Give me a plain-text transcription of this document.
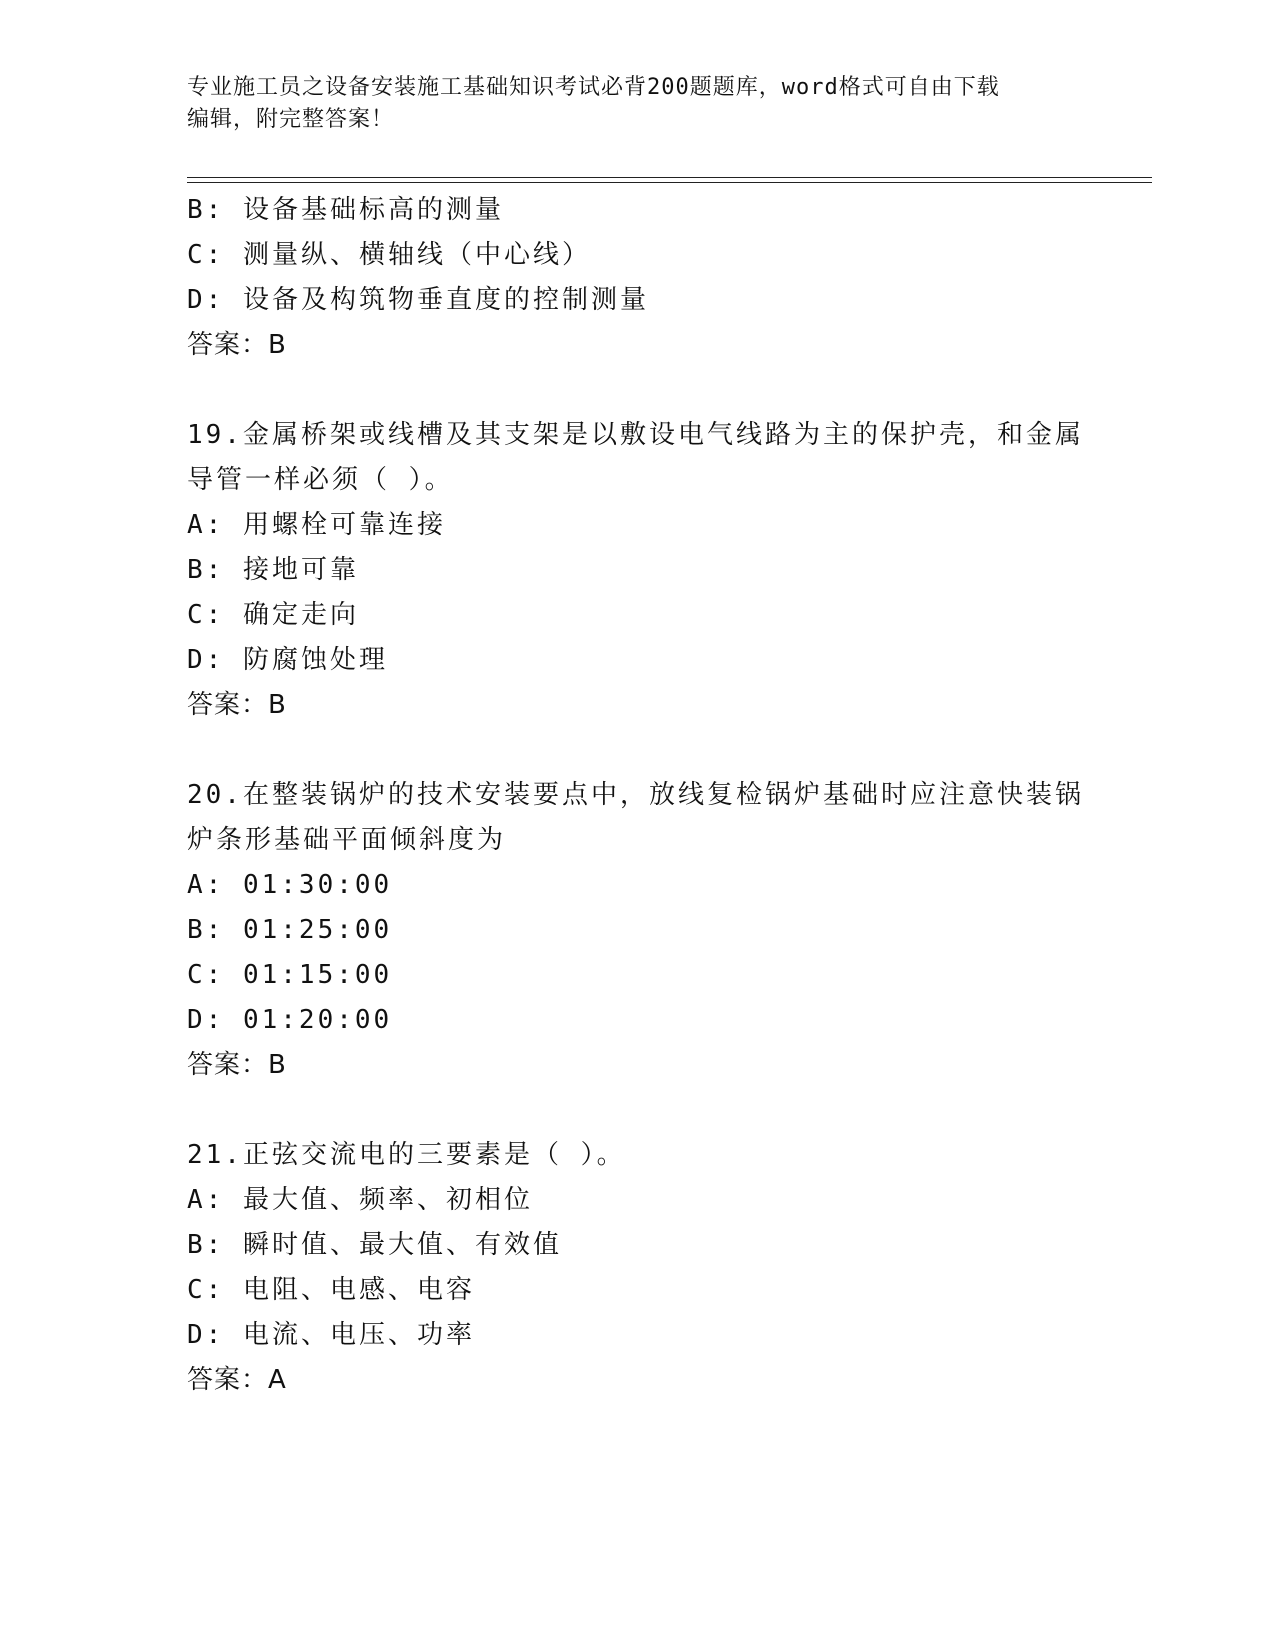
专业施工员之设备安装施工基础知识考试必背200题题库，word格式可自由下载
编辑，附完整答案！
B: 设备基础标高的测量
C: 测量纵、横轴线（中心线）
D: 设备及构筑物垂直度的控制测量
答案：B
19.金属桥架或线槽及其支架是以敷设电气线路为主的保护壳，和金属
导管一样必须（ ）。
A: 用螺栓可靠连接
B: 接地可靠
C: 确定走向
D: 防腐蚀处理
答案：B
20.在整装锅炉的技术安装要点中，放线复检锅炉基础时应注意快装锅
炉条形基础平面倾斜度为
A: 01:30:00
B: 01:25:00
C: 01:15:00
D: 01:20:00
答案：B
21.正弦交流电的三要素是（ ）。
A: 最大值、频率、初相位
B: 瞬时值、最大值、有效值
C: 电阻、电感、电容
D: 电流、电压、功率
答案：A
